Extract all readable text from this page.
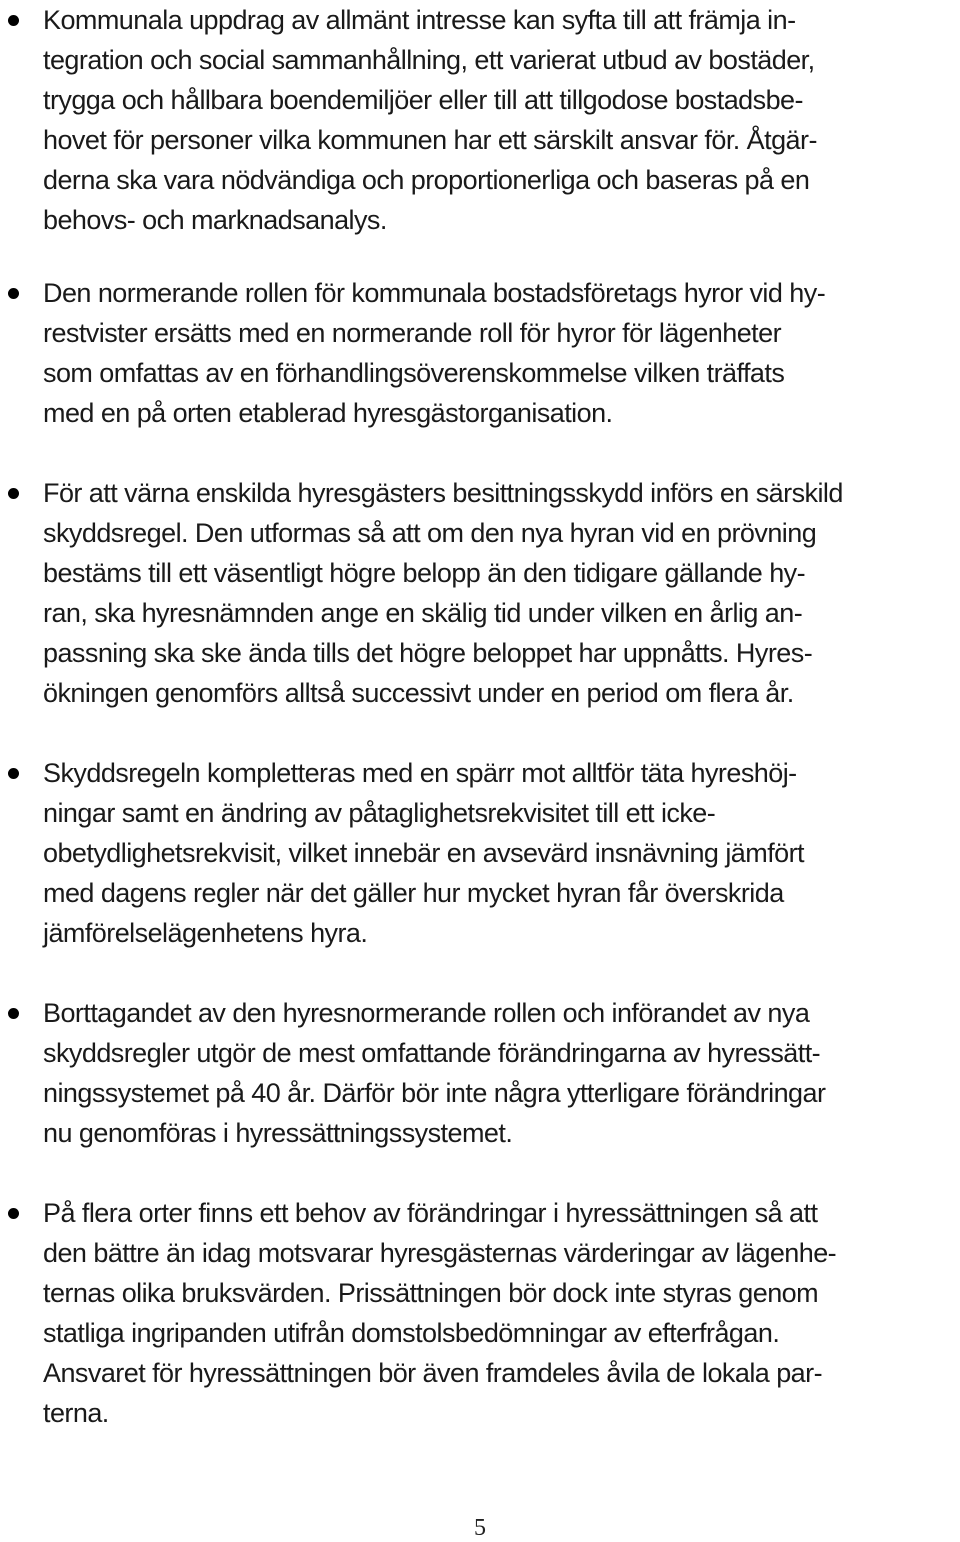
Kommunala uppdrag av allmänt intresse kan syfta till att främja in-
tegration och social sammanhållning, ett varierat utbud av bostäder,
trygga och hållbara boendemiljöer eller till att tillgodose bostadsbe-
hovet för personer vilka kommunen har ett särskilt ansvar för. Åtgär-
derna ska vara nödvändiga och proportionerliga och baseras på en
behovs- och marknadsanalys.
Den normerande rollen för kommunala bostadsföretags hyror vid hy-
restvister ersätts med en normerande roll för hyror för lägenheter
som omfattas av en förhandlingsöverenskommelse vilken träffats
med en på orten etablerad hyresgästorganisation.
För att värna enskilda hyresgästers besittningsskydd införs en särskild
skyddsregel. Den utformas så att om den nya hyran vid en prövning
bestäms till ett väsentligt högre belopp än den tidigare gällande hy-
ran, ska hyresnämnden ange en skälig tid under vilken en årlig an-
passning ska ske ända tills det högre beloppet har uppnåtts. Hyres-
ökningen genomförs alltså successivt under en period om flera år.
Skyddsregeln kompletteras med en spärr mot alltför täta hyreshöj-
ningar samt en ändring av påtaglighetsrekvisitet till ett icke-
obetydlighetsrekvisit, vilket innebär en avsevärd insnävning jämfört
med dagens regler när det gäller hur mycket hyran får överskrida
jämförelselägenhetens hyra.
Borttagandet av den hyresnormerande rollen och införandet av nya
skyddsregler utgör de mest omfattande förändringarna av hyressätt-
ningssystemet på 40 år. Därför bör inte några ytterligare förändringar
nu genomföras i hyressättningssystemet.
På flera orter finns ett behov av förändringar i hyressättningen så att
den bättre än idag motsvarar hyresgästernas värderingar av lägenhe-
ternas olika bruksvärden. Prissättningen bör dock inte styras genom
statliga ingripanden utifrån domstolsbedömningar av efterfrågan.
Ansvaret för hyressättningen bör även framdeles åvila de lokala par-
terna.
5
